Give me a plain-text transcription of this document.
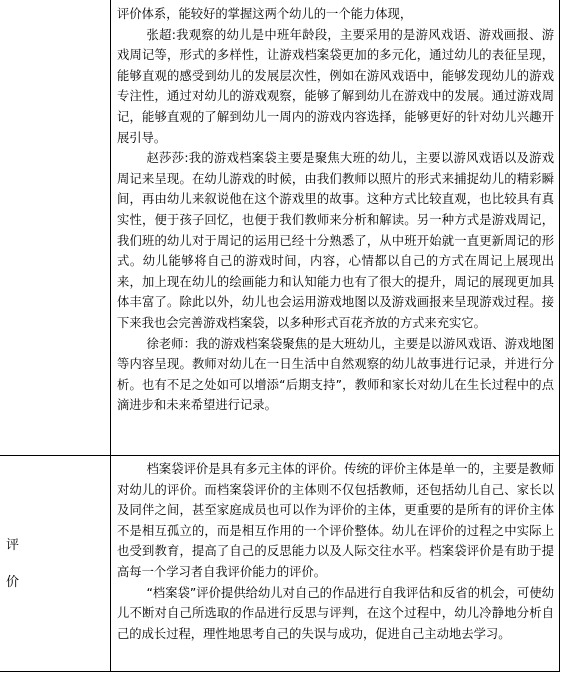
评价体系，能较好的掌握这两个幼儿的一个能力体现，

张超:我观察的幼儿是中班年龄段，主要采用的是游风戏语、游戏画报、游戏周记等，形式的多样性，让游戏档案袋更加的多元化，通过幼儿的表征呈现，能够直观的感受到幼儿的发展层次性，例如在游风戏语中，能够发现幼儿的游戏专注性，通过对幼儿的游戏观察，能够了解到幼儿在游戏中的发展。通过游戏周记，能够直观的了解到幼儿一周内的游戏内容选择，能够更好的针对幼儿兴趣开展引导。

赵莎莎:我的游戏档案袋主要是聚焦大班的幼儿，主要以游风戏语以及游戏周记来呈现。在幼儿游戏的时候，由我们教师以照片的形式来捕捉幼儿的精彩瞬间，再由幼儿来叙说他在这个游戏里的故事。这种方式比较直观，也比较具有真实性，便于孩子回忆，也便于我们教师来分析和解读。另一种方式是游戏周记，我们班的幼儿对于周记的运用已经十分熟悉了，从中班开始就一直更新周记的形式。幼儿能够将自己的游戏时间，内容，心情都以自己的方式在周记上展现出来，加上现在幼儿的绘画能力和认知能力也有了很大的提升，周记的展现更加具体丰富了。除此以外，幼儿也会运用游戏地图以及游戏画报来呈现游戏过程。接下来我也会完善游戏档案袋，以多种形式百花齐放的方式来充实它。

徐老师：我的游戏档案袋聚焦的是大班幼儿，主要是以游风戏语、游戏地图等内容呈现。教师对幼儿在一日生活中自然观察的幼儿故事进行记录，并进行分析。也有不足之处如可以增添“后期支持”，教师和家长对幼儿在生长过程中的点滴进步和未来希望进行记录。

评
价

档案袋评价是具有多元主体的评价。传统的评价主体是单一的，主要是教师对幼儿的评价。而档案袋评价的主体则不仅包括教师，还包括幼儿自己、家长以及同伴之间，甚至家庭成员也可以作为评价的主体，更重要的是所有的评价主体不是相互孤立的，而是相互作用的一个评价整体。幼儿在评价的过程之中实际上也受到教育，提高了自己的反思能力以及人际交往水平。档案袋评价是有助于提高每一个学习者自我评价能力的评价。

“档案袋”评价提供给幼儿对自己的作品进行自我评估和反省的机会，可使幼儿不断对自己所选取的作品进行反思与评判，在这个过程中，幼儿冷静地分析自己的成长过程，理性地思考自己的失误与成功，促进自己主动地去学习。
